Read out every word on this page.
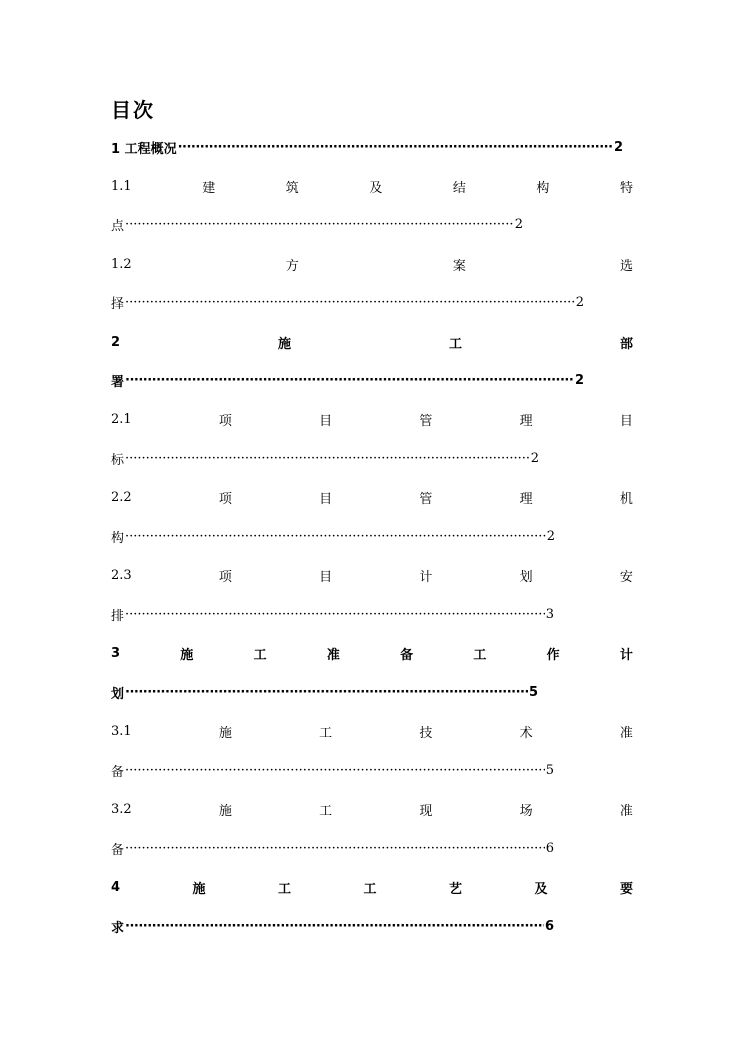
目次
1 工程概况 ·····	2
1.1	建	筑	及	结	构	特
点 ·····	2
1.2	方	案	选
择 ·····	2
2	施	工	部
署 ·····	2
2.1	项	目	管	理	目
标 ·····	2
2.2	项	目	管	理	机
构 ·····	2
2.3	项	目	计	划	安
排 ·····	3
3	施	工	准	备	工	作	计
划 ·····	5
3.1	施	工	技	术	准
备 ·····	5
3.2	施	工	现	场	准
备 ·····	6
4	施	工	工	艺	及	要
求 ·····	6
